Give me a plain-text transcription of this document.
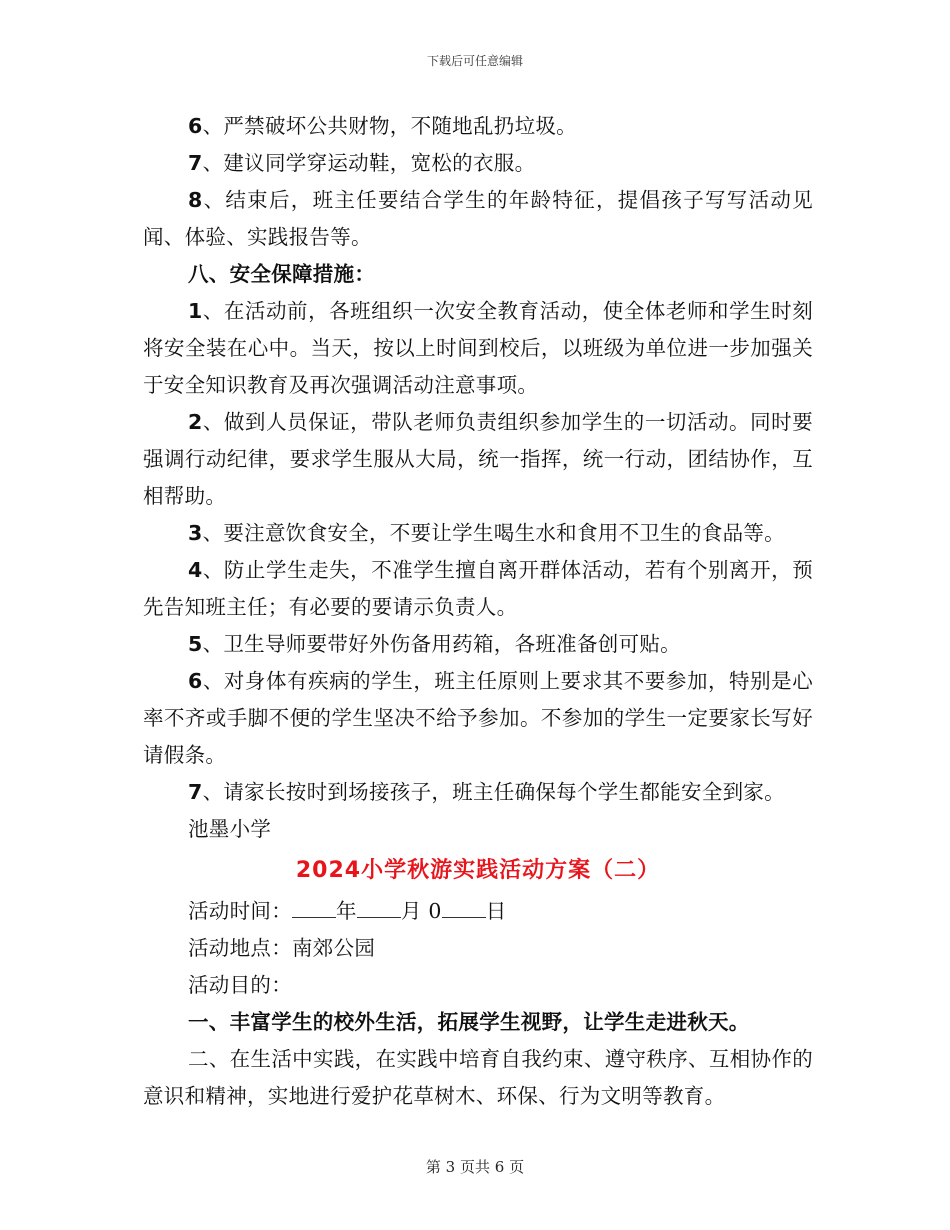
下载后可任意编辑

6、严禁破坏公共财物，不随地乱扔垃圾。

7、建议同学穿运动鞋，宽松的衣服。

8、结束后，班主任要结合学生的年龄特征，提倡孩子写写活动见闻、体验、实践报告等。

八、安全保障措施：

1、在活动前，各班组织一次安全教育活动，使全体老师和学生时刻将安全装在心中。当天，按以上时间到校后，以班级为单位进一步加强关于安全知识教育及再次强调活动注意事项。

2、做到人员保证，带队老师负责组织参加学生的一切活动。同时要强调行动纪律，要求学生服从大局，统一指挥，统一行动，团结协作，互相帮助。

3、要注意饮食安全，不要让学生喝生水和食用不卫生的食品等。

4、防止学生走失，不准学生擅自离开群体活动，若有个别离开，预先告知班主任；有必要的要请示负责人。

5、卫生导师要带好外伤备用药箱，各班准备创可贴。

6、对身体有疾病的学生，班主任原则上要求其不要参加，特别是心率不齐或手脚不便的学生坚决不给予参加。不参加的学生一定要家长写好请假条。

7、请家长按时到场接孩子，班主任确保每个学生都能安全到家。

池墨小学

2024小学秋游实践活动方案（二）

活动时间： 年 月 0 日

活动地点：南郊公园

活动目的：

一、丰富学生的校外生活，拓展学生视野，让学生走进秋天。

二、在生活中实践，在实践中培育自我约束、遵守秩序、互相协作的意识和精神，实地进行爱护花草树木、环保、行为文明等教育。

第 3 页共 6 页
